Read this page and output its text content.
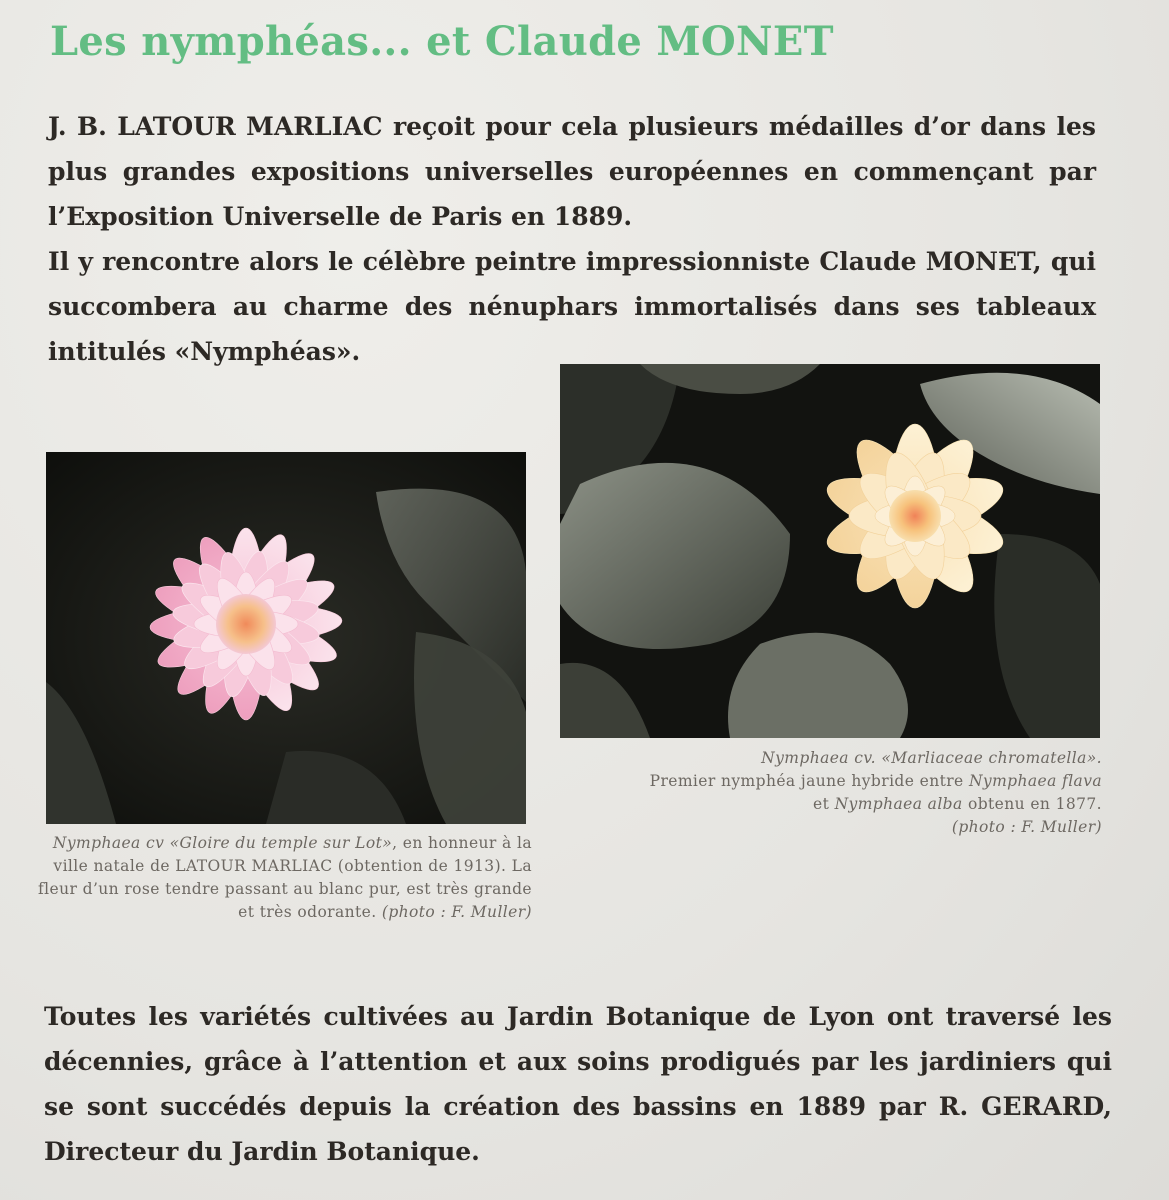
Les nymphéas... et Claude MONET

J. B. LATOUR MARLIAC reçoit pour cela plusieurs médailles d’or dans les plus grandes expositions universelles européennes en commençant par l’Exposition Universelle de Paris en 1889.

Il y rencontre alors le célèbre peintre impressionniste Claude MONET, qui succombera au charme des nénuphars immortalisés dans ses tableaux intitulés «Nymphéas».

Nymphaea cv. «Marliaceae chromatella».
Premier nymphéa jaune hybride entre Nymphaea flava
et Nymphaea alba obtenu en 1877.
(photo : F. Muller)
Nymphaea cv «Gloire du temple sur Lot», en honneur à la ville natale de LATOUR MARLIAC (obtention de 1913). La fleur d’un rose tendre passant au blanc pur, est très grande et très odorante. (photo : F. Muller)

Toutes les variétés cultivées au Jardin Botanique de Lyon ont traversé les décennies, grâce à l’attention et aux soins prodigués par les jardiniers qui se sont succédés depuis la création des bassins en 1889 par R. GERARD, Directeur du Jardin Botanique.
